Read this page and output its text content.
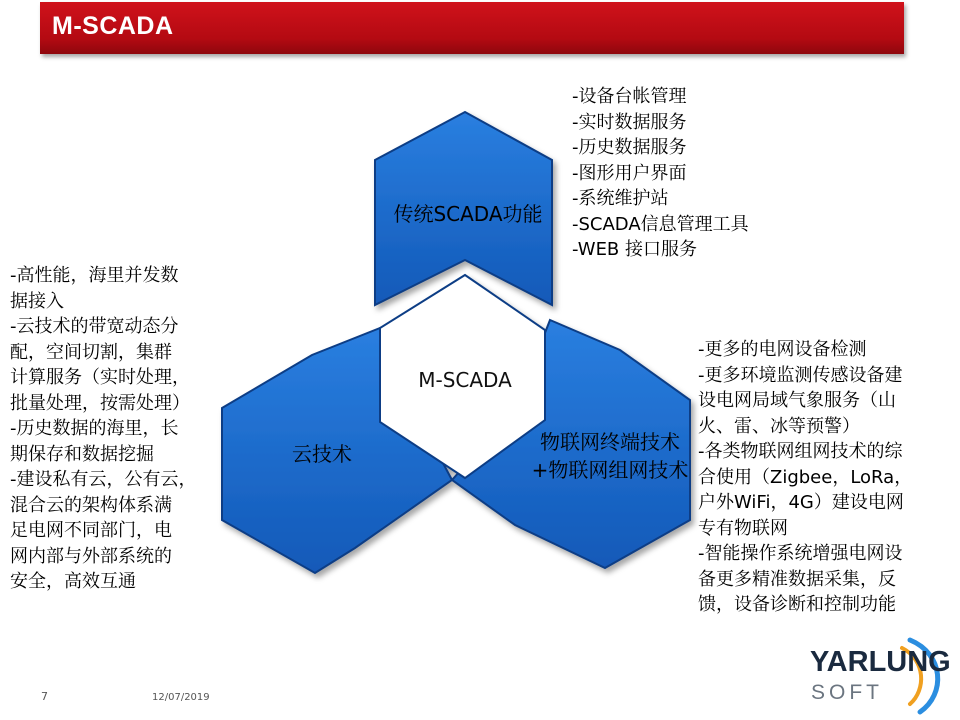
M-SCADA
传统SCADA功能
云技术	物联网终端技术+物联网组网技术
M-SCADA
-设备台帐管理
-实时数据服务
-历史数据服务
-图形用户界面
-系统维护站
-SCADA信息管理工具
-WEB 接口服务
-高性能，海里并发数
据接入
-云技术的带宽动态分
配，空间切割，集群
计算服务（实时处理，
批量处理，按需处理）
-历史数据的海里，长
期保存和数据挖掘
-建设私有云，公有云，
混合云的架构体系满
足电网不同部门，电
网内部与外部系统的
安全，高效互通
-更多的电网设备检测
-更多环境监测传感设备建
设电网局域气象服务（山
火、雷、冰等预警）
-各类物联网组网技术的综
合使用（Zigbee，LoRa，
户外WiFi，4G）建设电网
专有物联网
-智能操作系统增强电网设
备更多精准数据采集，反
馈，设备诊断和控制功能
7	12/07/2019
YARLUNG
SOFT
